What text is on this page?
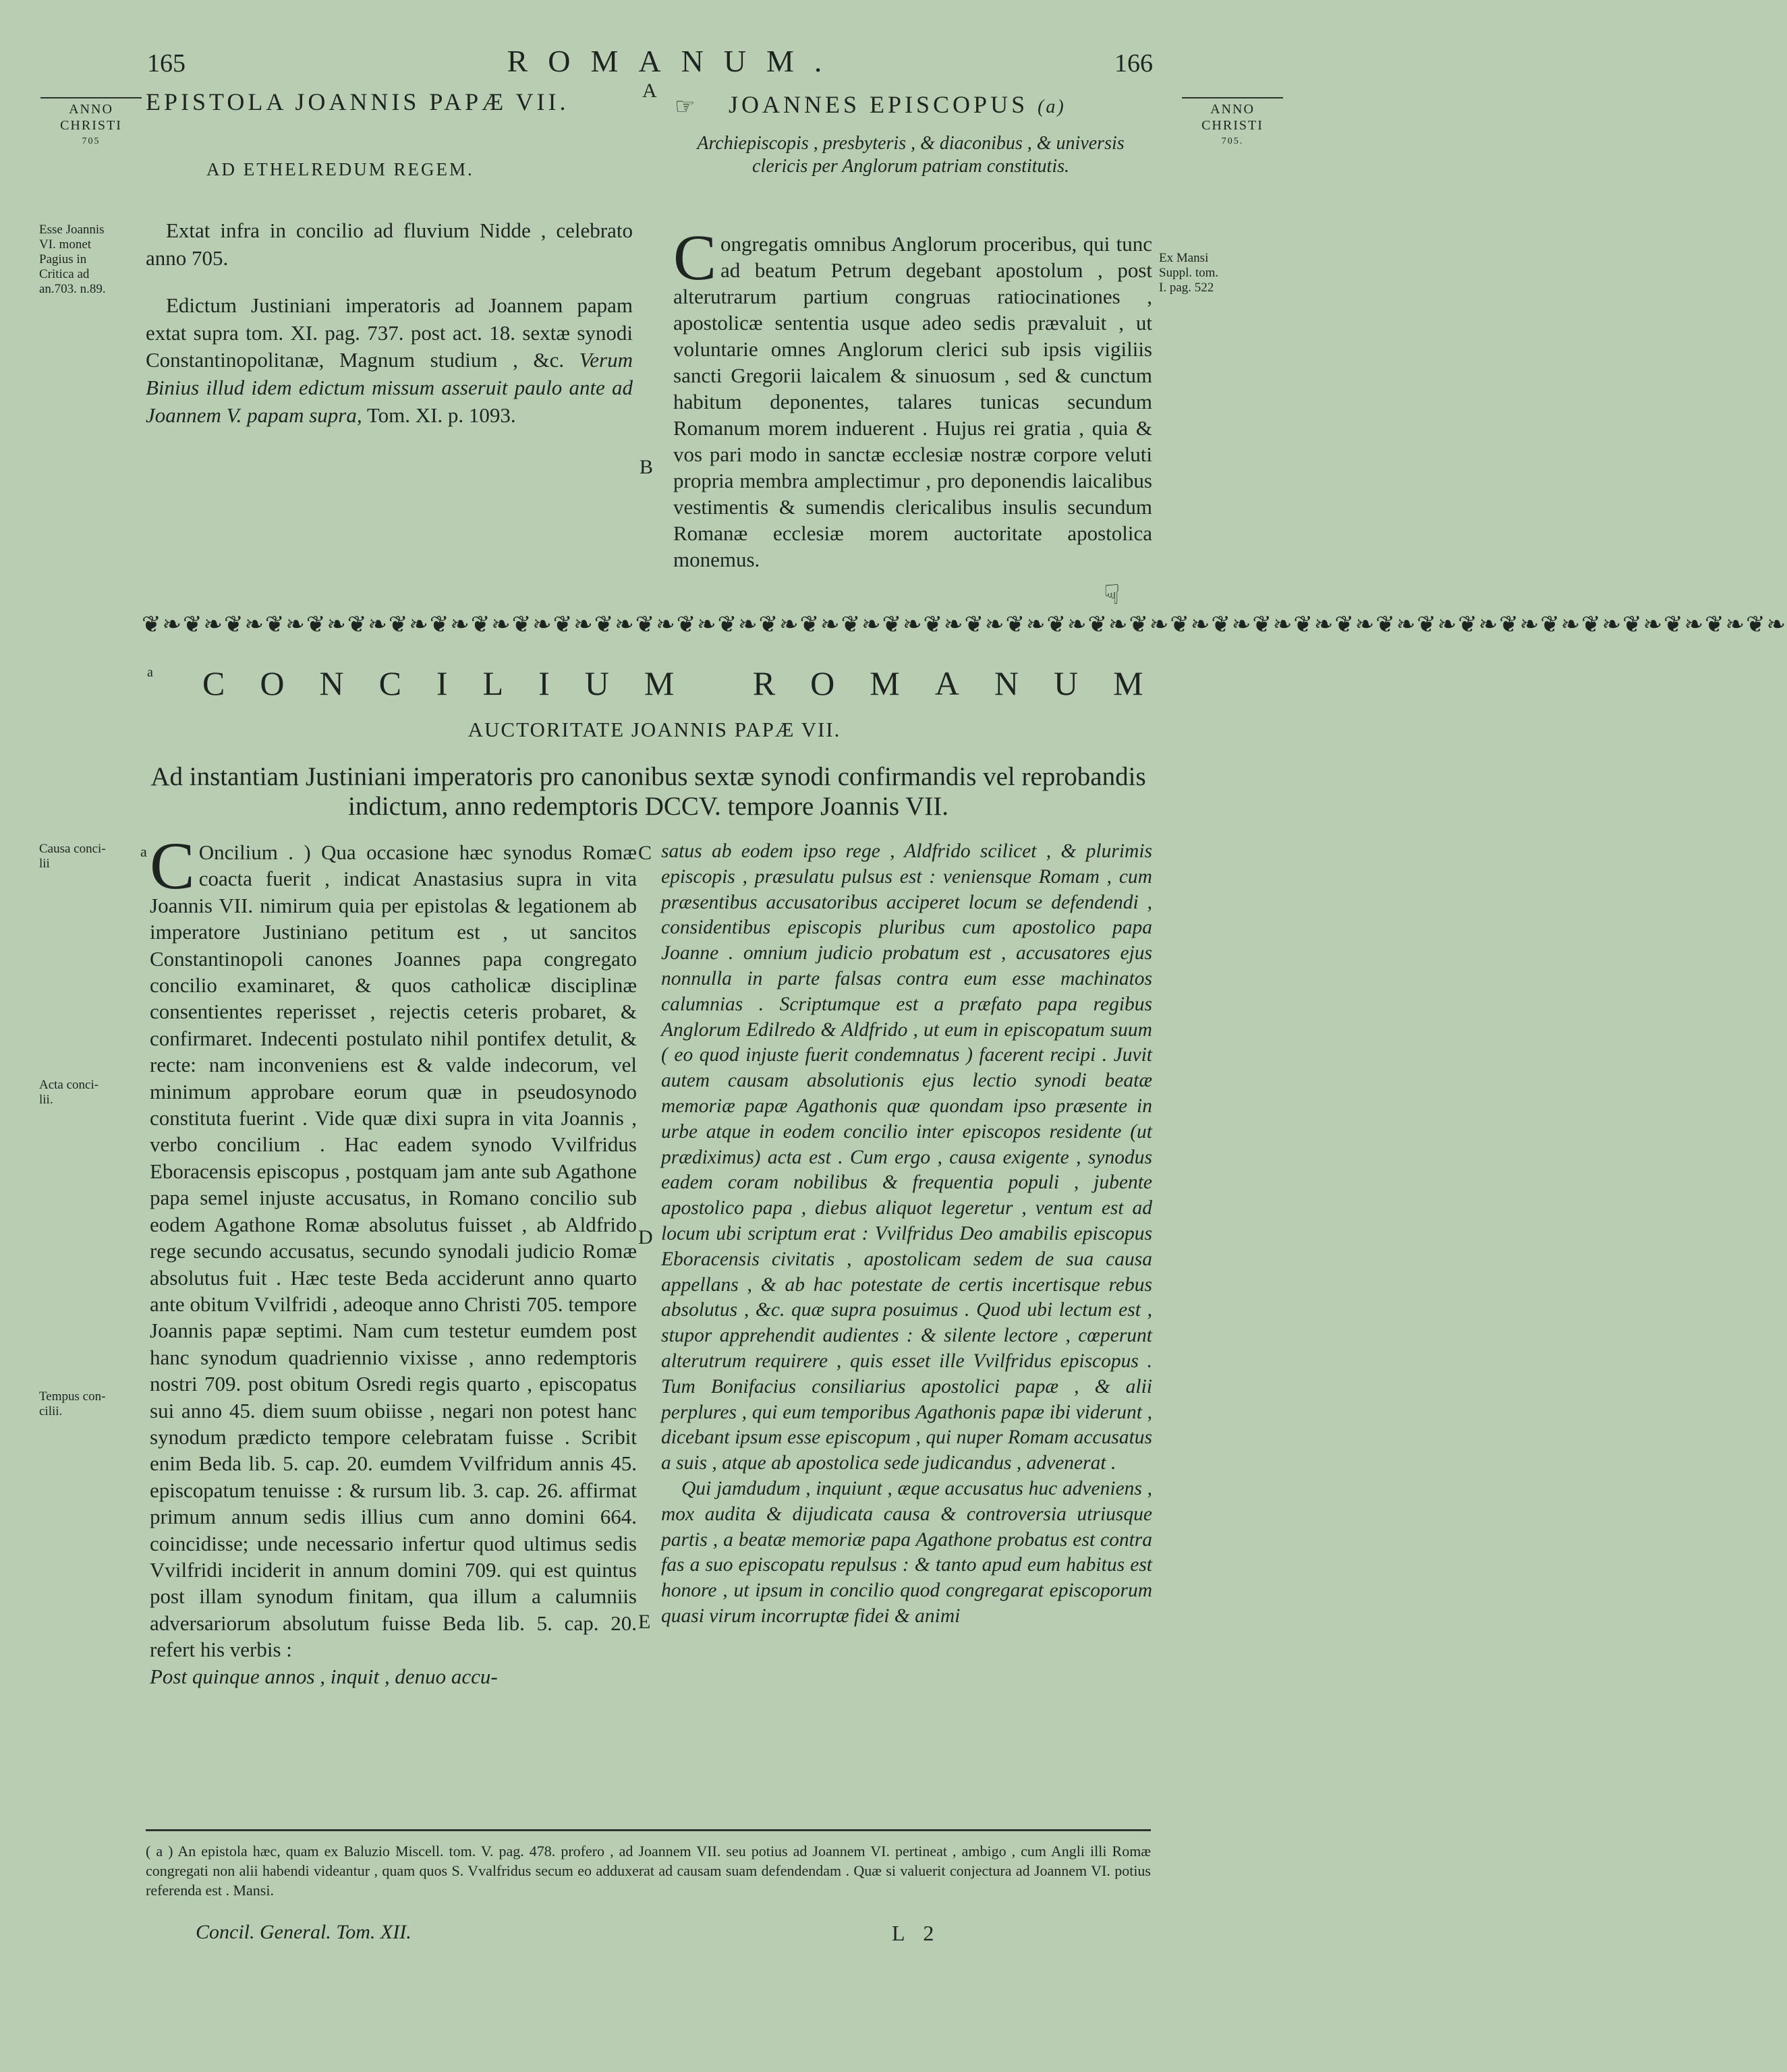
165	ROMANUM.	166
ANNO
CHRISTI
705
ANNO
CHRISTI
705.
EPISTOLA JOANNIS PAPÆ VII.
AD ETHELREDUM REGEM.
Esse Joannis
VI. monet
Pagius in
Critica ad
an.703. n.89.

Extat infra in concilio ad fluvium Nidde , celebrato anno 705.

Edictum Justiniani imperatoris ad Joannem papam extat supra tom. XI. pag. 737. post act. 18. sextæ synodi Constantinopolitanæ, Magnum studium , &c. Verum Binius illud idem edictum missum asseruit paulo ante ad Joannem V. papam supra, Tom. XI. p. 1093.

A
☞ JOANNES EPISCOPUS (a)
Archiepiscopis , presbyteris , & diaconibus , & universis clericis per Anglorum patriam constitutis.
C ongregatis omnibus Anglorum proceribus, qui tunc ad beatum Petrum degebant apostolum , post alterutrarum partium congruas ratiocinationes , apostolicæ sententia usque adeo sedis prævaluit , ut voluntarie omnes Anglorum clerici sub ipsis vigiliis sancti Gregorii laicalem & sinuosum , sed & cunctum habitum deponentes, talares tunicas secundum Romanum morem induerent . Hujus rei gratia , quia & vos pari modo in sanctæ ecclesiæ nostræ corpore veluti propria membra amplectimur , pro deponendis laicalibus vestimentis & sumendis clericalibus insulis secundum Romanæ ecclesiæ morem auctoritate apostolica monemus.

Ex Mansi
Suppl. tom.
I. pag. 522
B
☟
❦❧❦❧❦❧❦❧❦❧❦❧❦❧❦❧❦❧❦❧❦❧❦❧❦❧❦❧❦❧❦❧❦❧❦❧❦❧❦❧❦❧❦❧❦❧❦❧❦❧❦❧❦❧❦❧❦❧❦❧❦❧❦❧❦❧❦❧❦❧❦❧❦❧❦❧❦❧❦❧
a CONCILIUM ROMANUM
AUCTORITATE JOANNIS PAPÆ VII.
Ad instantiam Justiniani imperatoris pro canonibus sextæ synodi confirmandis vel reprobandis indictum, anno redemptoris DCCV. tempore Joannis VII.
Causa conci-
lii
Acta conci-
lii.
Tempus con-
cilii.
a C Oncilium . ) Qua occasione hæc synodus Romæ coacta fuerit , indicat Anastasius supra in vita Joannis VII. nimirum quia per epistolas & legationem ab imperatore Justiniano petitum est , ut sancitos Constantinopoli canones Joannes papa congregato concilio examinaret, & quos catholicæ disciplinæ consentientes reperisset , rejectis ceteris probaret, & confirmaret. Indecenti postulato nihil pontifex detulit, & recte: nam inconveniens est & valde indecorum, vel minimum approbare eorum quæ in pseudosynodo constituta fuerint . Vide quæ dixi supra in vita Joannis , verbo concilium . Hac eadem synodo Vvilfridus Eboracensis episcopus , postquam jam ante sub Agathone papa semel injuste accusatus, in Romano concilio sub eodem Agathone Romæ absolutus fuisset , ab Aldfrido rege secundo accusatus, secundo synodali judicio Romæ absolutus fuit . Hæc teste Beda acciderunt anno quarto ante obitum Vvilfridi , adeoque anno Christi 705. tempore Joannis papæ septimi. Nam cum testetur eumdem post hanc synodum quadriennio vixisse , anno redemptoris nostri 709. post obitum Osredi regis quarto , episcopatus sui anno 45. diem suum obiisse , negari non potest hanc synodum prædicto tempore celebratam fuisse . Scribit enim Beda lib. 5. cap. 20. eumdem Vvilfridum annis 45. episcopatum tenuisse : & rursum lib. 3. cap. 26. affirmat primum annum sedis illius cum anno domini 664. coincidisse; unde necessario infertur quod ultimus sedis Vvilfridi inciderit in annum domini 709. qui est quintus post illam synodum finitam, qua illum a calumniis adversariorum absolutum fuisse Beda lib. 5. cap. 20. refert his verbis :

Post quinque annos , inquit , denuo accu-

C
D
E

satus ab eodem ipso rege , Aldfrido scilicet , & plurimis episcopis , præsulatu pulsus est : veniensque Romam , cum præsentibus accusatoribus acciperet locum se defendendi , considentibus episcopis pluribus cum apostolico papa Joanne . omnium judicio probatum est , accusatores ejus nonnulla in parte falsas contra eum esse machinatos calumnias . Scriptumque est a præfato papa regibus Anglorum Edilredo & Aldfrido , ut eum in episcopatum suum ( eo quod injuste fuerit condemnatus ) facerent recipi . Juvit autem causam absolutionis ejus lectio synodi beatæ memoriæ papæ Agathonis quæ quondam ipso præsente in urbe atque in eodem concilio inter episcopos residente (ut prædiximus) acta est . Cum ergo , causa exigente , synodus eadem coram nobilibus & frequentia populi , jubente apostolico papa , diebus aliquot legeretur , ventum est ad locum ubi scriptum erat : Vvilfridus Deo amabilis episcopus Eboracensis civitatis , apostolicam sedem de sua causa appellans , & ab hac potestate de certis incertisque rebus absolutus , &c. quæ supra posuimus . Quod ubi lectum est , stupor apprehendit audientes : & silente lectore , cœperunt alterutrum requirere , quis esset ille Vvilfridus episcopus . Tum Bonifacius consiliarius apostolici papæ , & alii perplures , qui eum temporibus Agathonis papæ ibi viderunt , dicebant ipsum esse episcopum , qui nuper Romam accusatus a suis , atque ab apostolica sede judicandus , advenerat .

Qui jamdudum , inquiunt , æque accusatus huc adveniens , mox audita & dijudicata causa & controversia utriusque partis , a beatæ memoriæ papa Agathone probatus est contra fas a suo episcopatu repulsus : & tanto apud eum habitus est honore , ut ipsum in concilio quod congregarat episcoporum quasi virum incorruptæ fidei & animi

( a ) An epistola hæc, quam ex Baluzio Miscell. tom. V. pag. 478. profero , ad Joannem VII. seu potius ad Joannem VI. pertineat , ambigo , cum Angli illi Romæ congregati non alii habendi videantur , quam quos S. Vvalfridus secum eo adduxerat ad causam suam defendendam . Quæ si valuerit conjectura ad Joannem VI. potius referenda est . Mansi.
Concil. General. Tom. XII.	L 2
